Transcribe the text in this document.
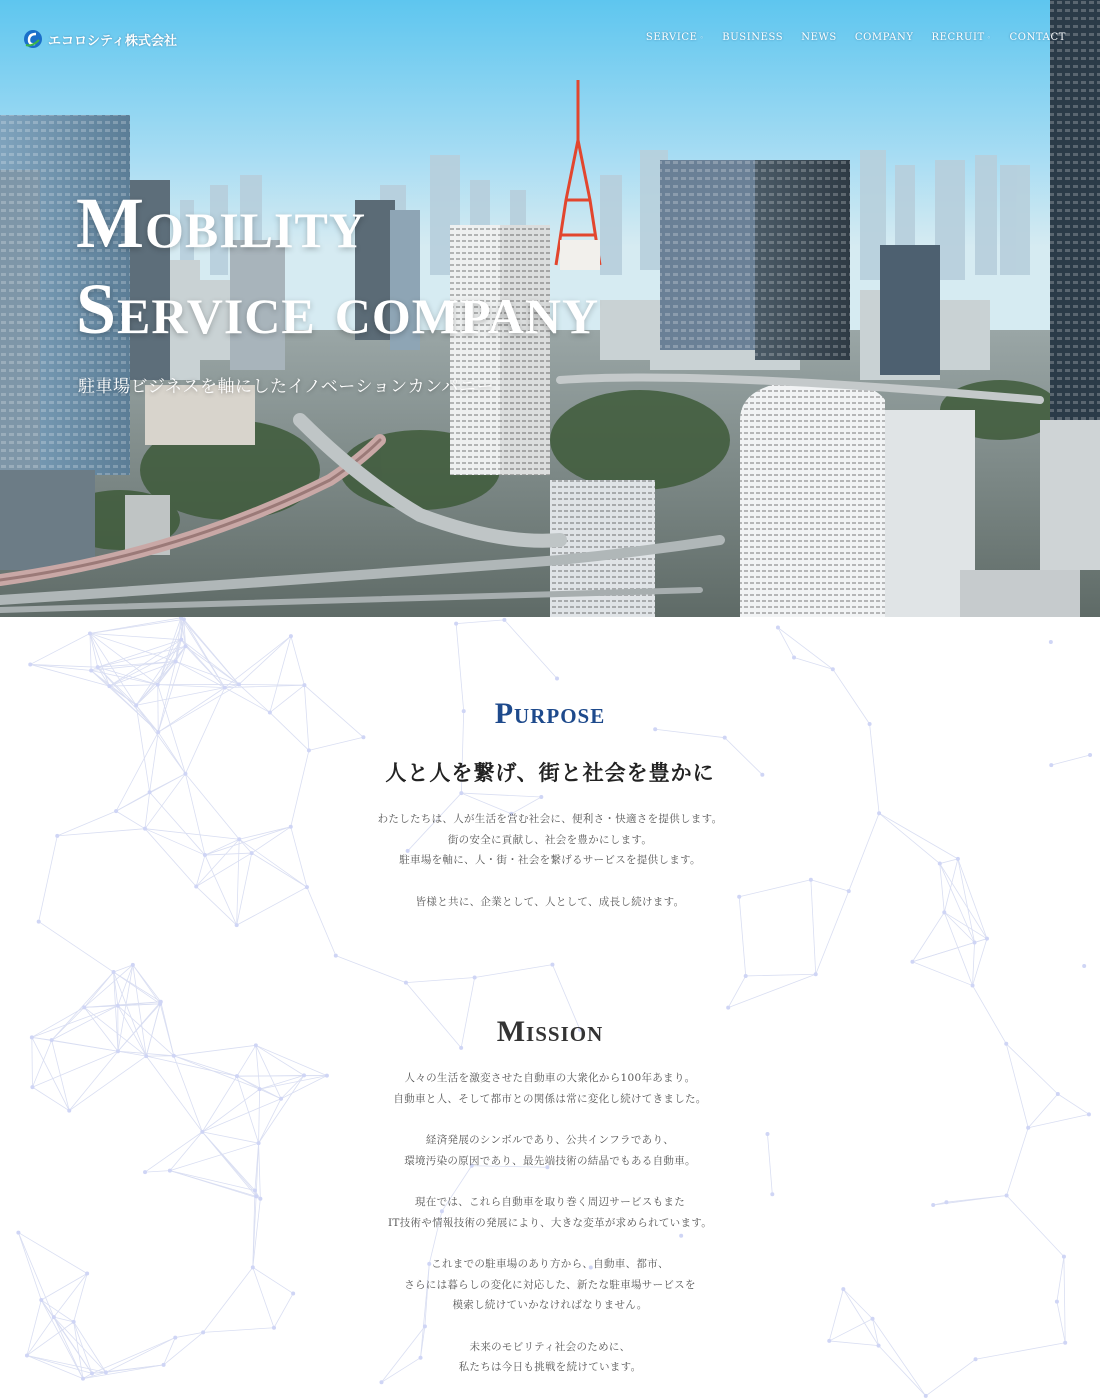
エコロシティ株式会社	SERVICE ◦ BUSINESS NEWS COMPANY RECRUIT ◦ CONTACT
Mobility
Service company

駐車場ビジネスを軸にしたイノベーションカンパニー

Purpose
人と人を繋げ、街と社会を豊かに
わたしたちは、人が生活を営む社会に、便利さ・快適さを提供します。
街の安全に貢献し、社会を豊かにします。
駐車場を軸に、人・街・社会を繋げるサービスを提供します。
皆様と共に、企業として、人として、成長し続けます。
Mission
人々の生活を激変させた自動車の大衆化から100年あまり。
自動車と人、そして都市との関係は常に変化し続けてきました。
経済発展のシンボルであり、公共インフラであり、
環境汚染の原因であり、最先端技術の結晶でもある自動車。
現在では、これら自動車を取り巻く周辺サービスもまた
IT技術や情報技術の発展により、大きな変革が求められています。
これまでの駐車場のあり方から、自動車、都市、
さらには暮らしの変化に対応した、新たな駐車場サービスを
模索し続けていかなければなりません。
未来のモビリティ社会のために、
私たちは今日も挑戦を続けています。
